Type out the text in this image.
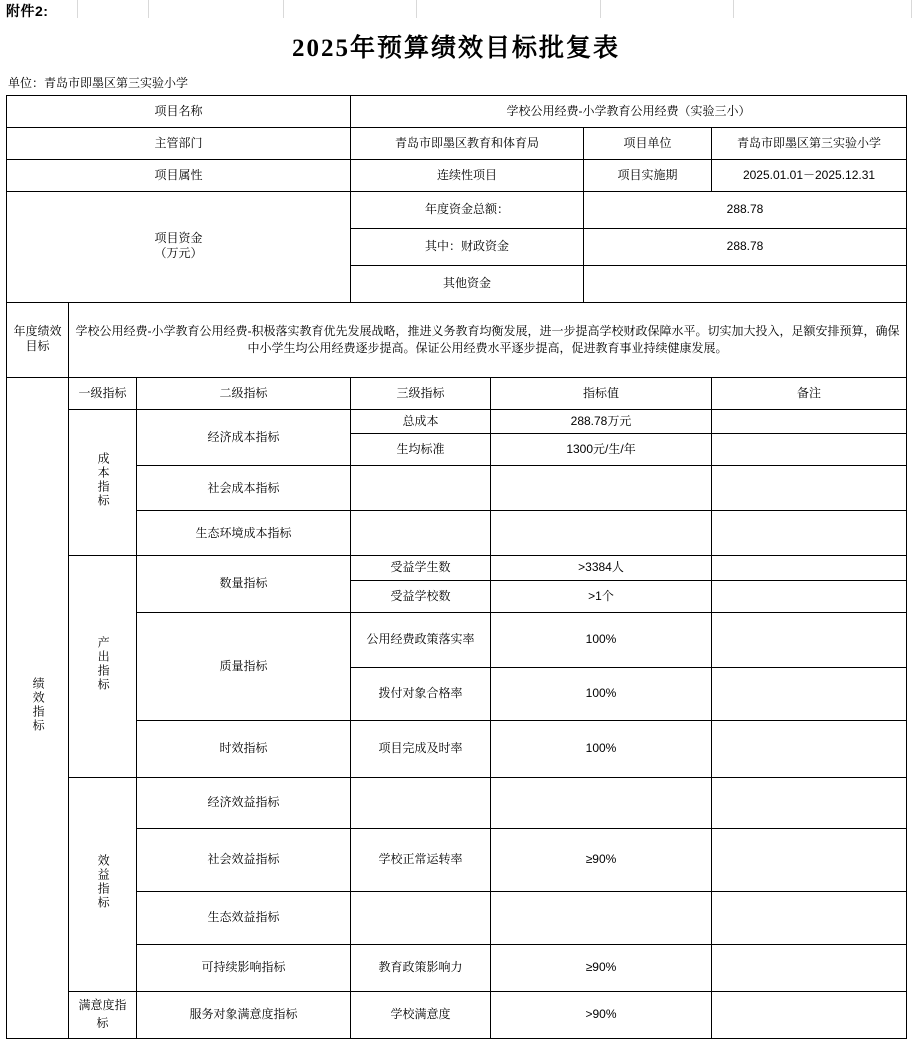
附件2:
2025年预算绩效目标批复表
单位：青岛市即墨区第三实验小学
项目名称			学校公用经费-小学教育公用经费（实验三小）			
主管部门			青岛市即墨区教育和体育局		项目单位	青岛市即墨区第三实验小学
项目属性			连续性项目		项目实施期	2025.01.01－2025.12.31
项目资金
（万元）			年度资金总额：		288.78	
			其中：财政资金		288.78	
			其他资金			
年度绩效
目标	学校公用经费-小学教育公用经费-积极落实教育优先发展战略，推进义务教育均衡发展，进一步提高学校财政保障水平。切实加大投入，足额安排预算，确保中小学生均公用经费逐步提高。保证公用经费水平逐步提高，促进教育事业持续健康发展。					
绩效指标	一级指标	二级指标	三级指标	指标值		备注
	成本指标	经济成本指标	总成本	288.78万元		
			生均标准	1300元/生/年		
		社会成本指标				
		生态环境成本指标				
	产出指标	数量指标	受益学生数	>3384人		
			受益学校数	>1个		
		质量指标	公用经费政策落实率	100%		
			拨付对象合格率	100%		
		时效指标	项目完成及时率	100%		
	效益指标	经济效益指标				
		社会效益指标	学校正常运转率	≥90%		
		生态效益指标				
		可持续影响指标	教育政策影响力	≥90%		
	满意度指标	服务对象满意度指标	学校满意度	>90%		
